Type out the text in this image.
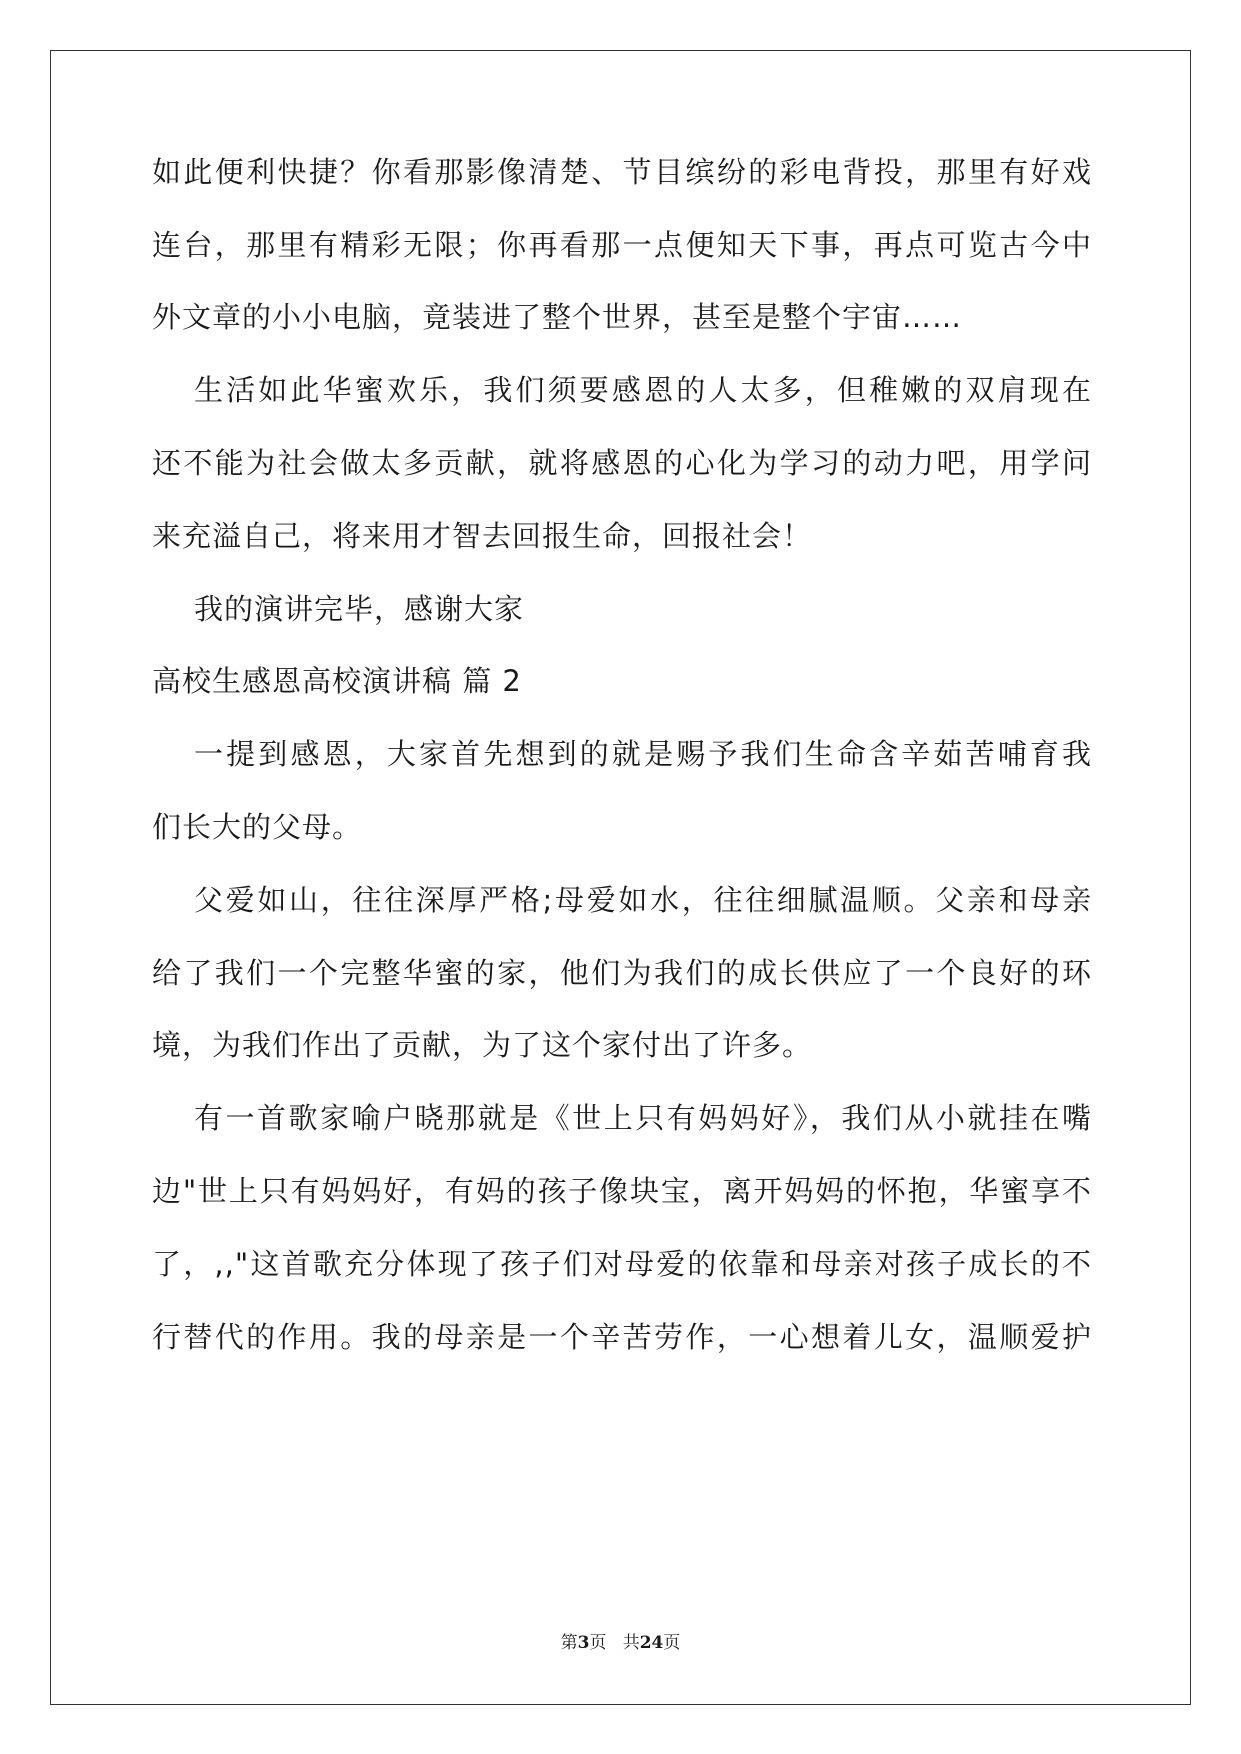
如此便利快捷？你看那影像清楚、节目缤纷的彩电背投，那里有好戏
连台，那里有精彩无限；你再看那一点便知天下事，再点可览古今中
外文章的小小电脑，竟装进了整个世界，甚至是整个宇宙……
生活如此华蜜欢乐，我们须要感恩的人太多，但稚嫩的双肩现在
还不能为社会做太多贡献，就将感恩的心化为学习的动力吧，用学问
来充溢自己，将来用才智去回报生命，回报社会！
我的演讲完毕，感谢大家
高校生感恩高校演讲稿 篇 2
一提到感恩，大家首先想到的就是赐予我们生命含辛茹苦哺育我
们长大的父母。
父爱如山，往往深厚严格;母爱如水，往往细腻温顺。父亲和母亲
给了我们一个完整华蜜的家，他们为我们的成长供应了一个良好的环
境，为我们作出了贡献，为了这个家付出了许多。
有一首歌家喻户晓那就是《世上只有妈妈好》，我们从小就挂在嘴
边"世上只有妈妈好，有妈的孩子像块宝，离开妈妈的怀抱，华蜜享不
了，,,"这首歌充分体现了孩子们对母爱的依靠和母亲对孩子成长的不
行替代的作用。我的母亲是一个辛苦劳作，一心想着儿女，温顺爱护
第3页 共24页
